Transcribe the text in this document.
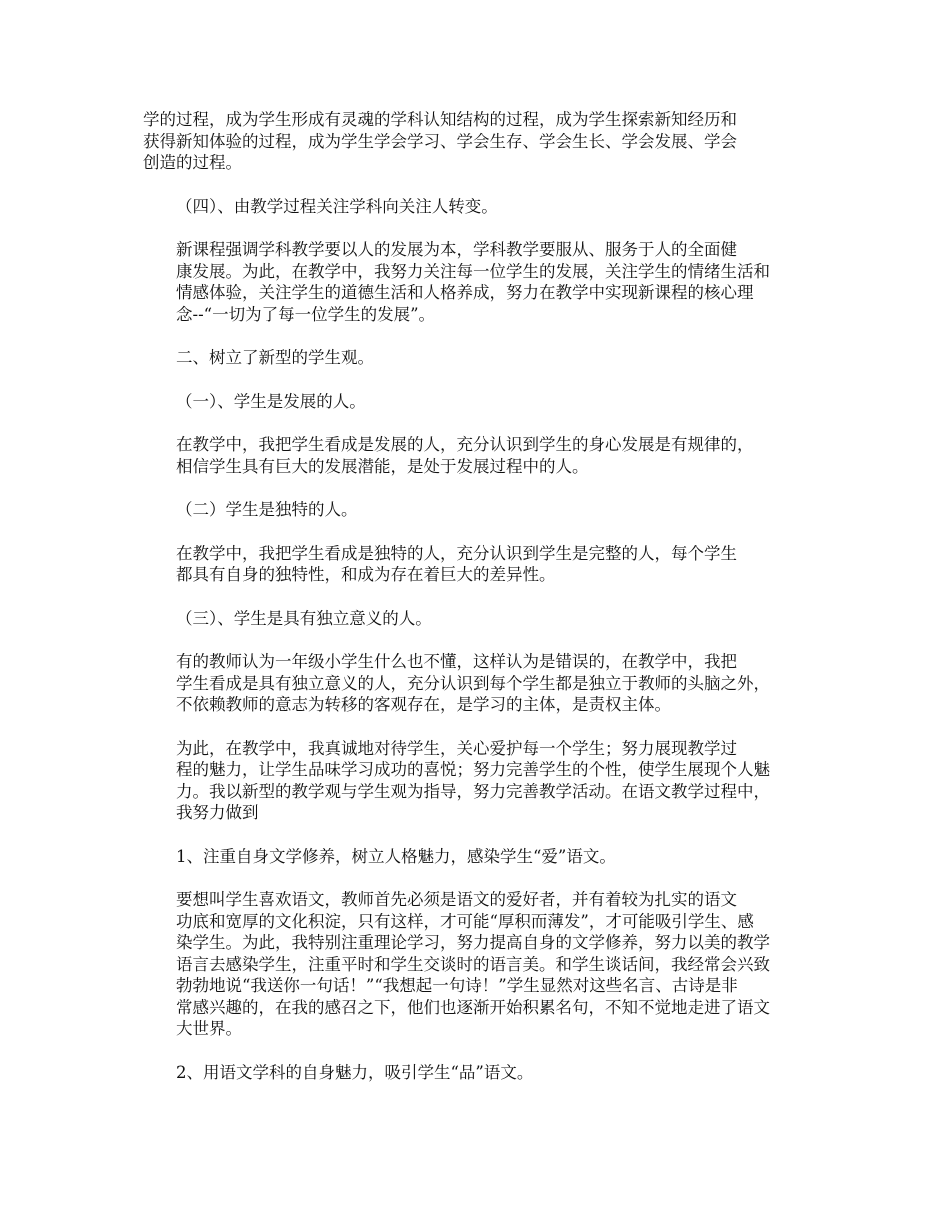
学的过程，成为学生形成有灵魂的学科认知结构的过程，成为学生探索新知经历和
获得新知体验的过程，成为学生学会学习、学会生存、学会生长、学会发展、学会
创造的过程。
（四）、由教学过程关注学科向关注人转变。
新课程强调学科教学要以人的发展为本，学科教学要服从、服务于人的全面健
康发展。为此，在教学中，我努力关注每一位学生的发展，关注学生的情绪生活和
情感体验，关注学生的道德生活和人格养成，努力在教学中实现新课程的核心理
念--“一切为了每一位学生的发展”。
二、树立了新型的学生观。
（一）、学生是发展的人。
在教学中，我把学生看成是发展的人，充分认识到学生的身心发展是有规律的，
相信学生具有巨大的发展潜能，是处于发展过程中的人。
（二）学生是独特的人。
在教学中，我把学生看成是独特的人，充分认识到学生是完整的人，每个学生
都具有自身的独特性，和成为存在着巨大的差异性。
（三）、学生是具有独立意义的人。
有的教师认为一年级小学生什么也不懂，这样认为是错误的，在教学中，我把
学生看成是具有独立意义的人，充分认识到每个学生都是独立于教师的头脑之外，
不依赖教师的意志为转移的客观存在，是学习的主体，是责权主体。
为此，在教学中，我真诚地对待学生，关心爱护每一个学生；努力展现教学过
程的魅力，让学生品味学习成功的喜悦；努力完善学生的个性，使学生展现个人魅
力。我以新型的教学观与学生观为指导，努力完善教学活动。在语文教学过程中，
我努力做到
1、注重自身文学修养，树立人格魅力，感染学生“爱”语文。
要想叫学生喜欢语文，教师首先必须是语文的爱好者，并有着较为扎实的语文
功底和宽厚的文化积淀，只有这样，才可能“厚积而薄发”，才可能吸引学生、感
染学生。为此，我特别注重理论学习，努力提高自身的文学修养，努力以美的教学
语言去感染学生，注重平时和学生交谈时的语言美。和学生谈话间，我经常会兴致
勃勃地说“我送你一句话！”“我想起一句诗！”学生显然对这些名言、古诗是非
常感兴趣的，在我的感召之下，他们也逐渐开始积累名句，不知不觉地走进了语文
大世界。
2、用语文学科的自身魅力，吸引学生“品”语文。
